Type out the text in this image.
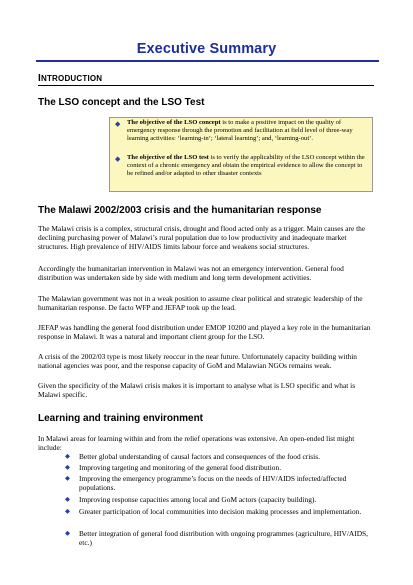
Executive Summary
INTRODUCTION
The LSO concept and the LSO Test
◆ The objective of the LSO concept is to make a positive impact on the quality of emergency response through the promotion and facilitation at field level of three-way learning activities: ‘learning-in’; ‘lateral learning’; and, ‘learning-out’.
◆ The objective of the LSO test is to verify the applicability of the LSO concept within the context of a chronic emergency and obtain the empirical evidence to allow the concept to be refined and/or adapted to other disaster contexts
The Malawi 2002/2003 crisis and the humanitarian response
The Malawi crisis is a complex, structural crisis, drought and flood acted only as a trigger. Main causes are the declining purchasing power of Malawi’s rural population due to low productivity and inadequate market structures. High prevalence of HIV/AIDS limits labour force and weakens social structures.
Accordingly the humanitarian intervention in Malawi was not an emergency intervention. General food distribution was undertaken side by side with medium and long term development activities.
The Malawian government was not in a weak position to assume clear political and strategic leadership of the humanitarian response. De facto WFP and JEFAP took up the lead.
JEFAP was handling the general food distribution under EMOP 10200 and played a key role in the humanitarian response in Malawi. It was a natural and important client group for the LSO.
A crisis of the 2002/03 type is most likely reoccur in the near future. Unfortunately capacity building within national agencies was poor, and the response capacity of GoM and Malawian NGOs remains weak.
Given the specificity of the Malawi crisis makes it is important to analyse what is LSO specific and what is Malawi specific.
Learning and training environment
In Malawi areas for learning within and from the relief operations was extensive. An open-ended list might include:
◆ Better global understanding of causal factors and consequences of the food crisis.
◆ Improving targeting and monitoring of the general food distribution.
◆ Improving the emergency programme’s focus on the needs of HIV/AIDS infected/affected populations.
◆ Improving response capacities among local and GoM actors (capacity building).
◆ Greater participation of local communities into decision making processes and implementation.
◆ Better integration of general food distribution with ongoing programmes (agriculture, HIV/AIDS, etc.)
